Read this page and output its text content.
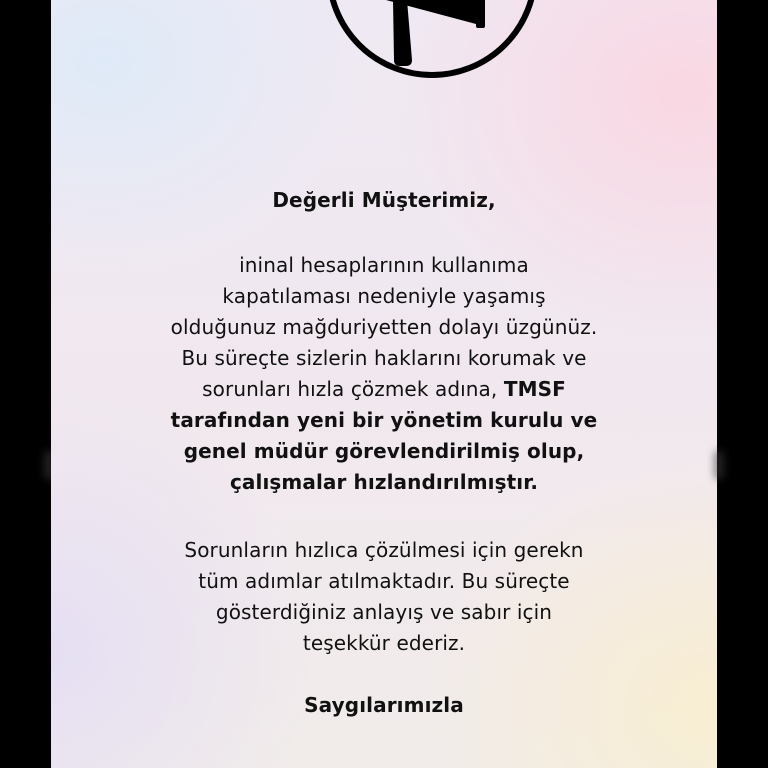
Değerli Müşterimiz,
ininal hesaplarının kullanıma
kapatılaması nedeniyle yaşamış
olduğunuz mağduriyetten dolayı üzgünüz.
Bu süreçte sizlerin haklarını korumak ve
sorunları hızla çözmek adına, TMSF
tarafından yeni bir yönetim kurulu ve
genel müdür görevlendirilmiş olup,
çalışmalar hızlandırılmıştır.
Sorunların hızlıca çözülmesi için gerekn
tüm adımlar atılmaktadır. Bu süreçte
gösterdiğiniz anlayış ve sabır için
teşekkür ederiz.
Saygılarımızla
